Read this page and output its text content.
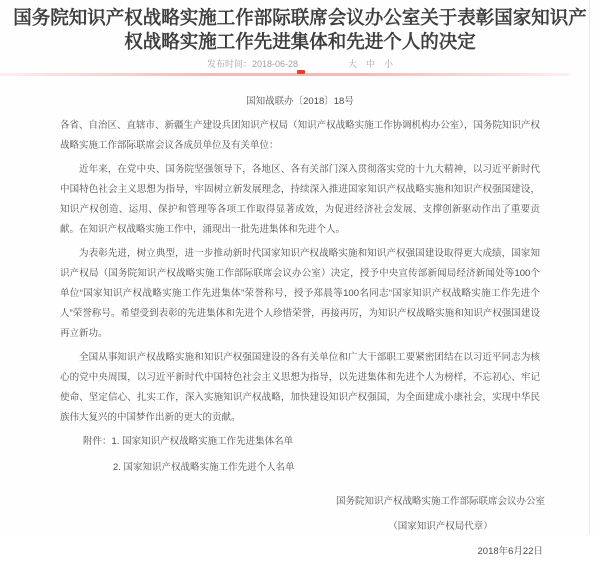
国务院知识产权战略实施工作部际联席会议办公室关于表彰国家知识产
权战略实施工作先进集体和先进个人的决定
发布时间：2018-06-28	大 中 小
国知战联办〔2018〕18号

各省、自治区、直辖市、新疆生产建设兵团知识产权局（知识产权战略实施工作协调机构办公室），国务院知识产权战略实施工作部际联席会议各成员单位及有关单位：

近年来，在党中央、国务院坚强领导下，各地区、各有关部门深入贯彻落实党的十九大精神，以习近平新时代中国特色社会主义思想为指导，牢固树立新发展理念，持续深入推进国家知识产权战略实施和知识产权强国建设，知识产权创造、运用、保护和管理等各项工作取得显著成效，为促进经济社会发展、支撑创新驱动作出了重要贡献。在知识产权战略实施工作中，涌现出一批先进集体和先进个人。

为表彰先进，树立典型，进一步推动新时代国家知识产权战略实施和知识产权强国建设取得更大成绩，国家知识产权局（国务院知识产权战略实施工作部际联席会议办公室）决定，授予中央宣传部新闻局经济新闻处等100个单位“国家知识产权战略实施工作先进集体”荣誉称号，授予郑晨等100名同志“国家知识产权战略实施工作先进个人”荣誉称号。希望受到表彰的先进集体和先进个人珍惜荣誉，再接再厉，为知识产权战略实施和知识产权强国建设再立新功。

全国从事知识产权战略实施和知识产权强国建设的各有关单位和广大干部职工要紧密团结在以习近平同志为核心的党中央周围，以习近平新时代中国特色社会主义思想为指导，以先进集体和先进个人为榜样，不忘初心、牢记使命、坚定信心、扎实工作，深入实施知识产权战略，加快建设知识产权强国，为全面建成小康社会，实现中华民族伟大复兴的中国梦作出新的更大的贡献。

附件：1. 国家知识产权战略实施工作先进集体名单
2. 国家知识产权战略实施工作先进个人名单
国务院知识产权战略实施工作部际联席会议办公室
（国家知识产权局代章）
2018年6月22日
